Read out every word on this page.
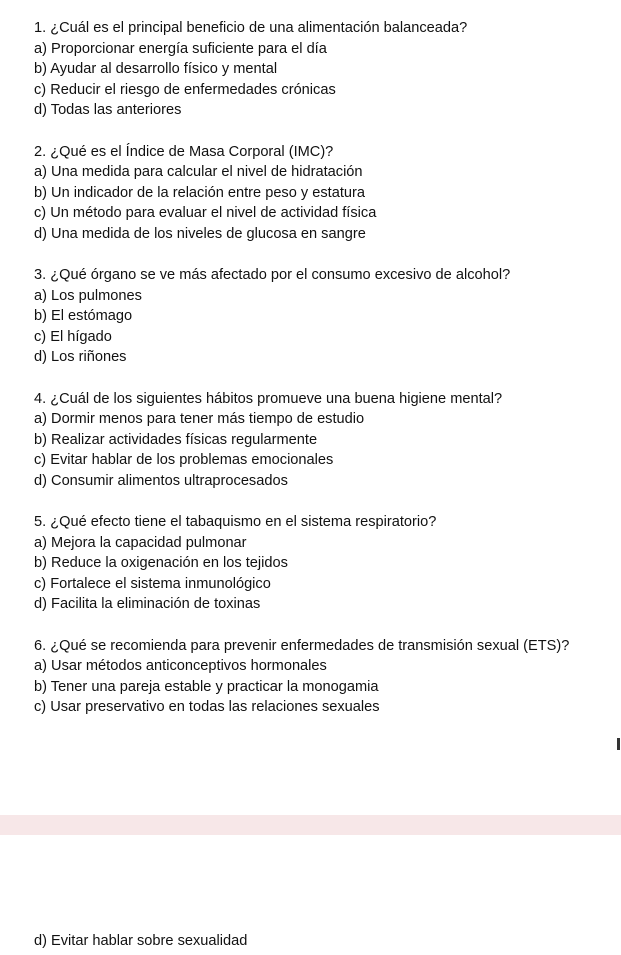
1. ¿Cuál es el principal beneficio de una alimentación balanceada?
a) Proporcionar energía suficiente para el día
b) Ayudar al desarrollo físico y mental
c) Reducir el riesgo de enfermedades crónicas
d) Todas las anteriores
2. ¿Qué es el Índice de Masa Corporal (IMC)?
a) Una medida para calcular el nivel de hidratación
b) Un indicador de la relación entre peso y estatura
c) Un método para evaluar el nivel de actividad física
d) Una medida de los niveles de glucosa en sangre
3. ¿Qué órgano se ve más afectado por el consumo excesivo de alcohol?
a) Los pulmones
b) El estómago
c) El hígado
d) Los riñones
4. ¿Cuál de los siguientes hábitos promueve una buena higiene mental?
a) Dormir menos para tener más tiempo de estudio
b) Realizar actividades físicas regularmente
c) Evitar hablar de los problemas emocionales
d) Consumir alimentos ultraprocesados
5. ¿Qué efecto tiene el tabaquismo en el sistema respiratorio?
a) Mejora la capacidad pulmonar
b) Reduce la oxigenación en los tejidos
c) Fortalece el sistema inmunológico
d) Facilita la eliminación de toxinas
6. ¿Qué se recomienda para prevenir enfermedades de transmisión sexual (ETS)?
a) Usar métodos anticonceptivos hormonales
b) Tener una pareja estable y practicar la monogamia
c) Usar preservativo en todas las relaciones sexuales
d) Evitar hablar sobre sexualidad
